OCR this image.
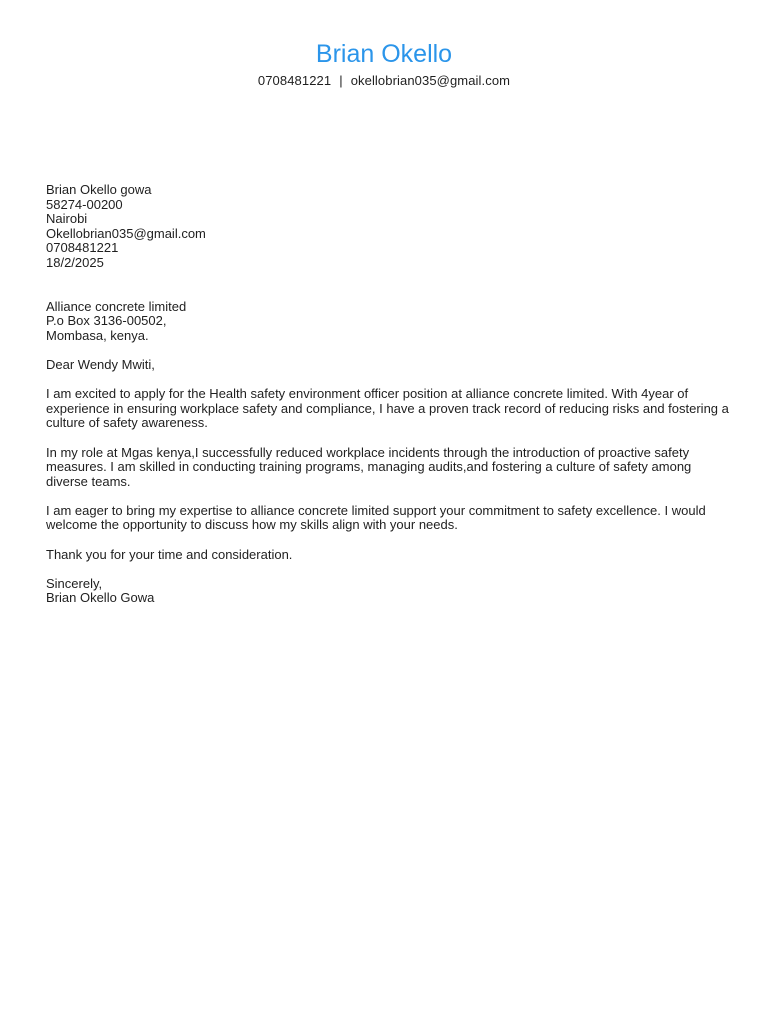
Brian Okello
0708481221 | okellobrian035@gmail.com
Brian Okello gowa
58274-00200
Nairobi
Okellobrian035@gmail.com
0708481221
18/2/2025
Alliance concrete limited
P.o Box 3136-00502,
Mombasa, kenya.

Dear Wendy Mwiti,

I am excited to apply for the Health safety environment officer position at alliance concrete limited. With 4year of experience in ensuring workplace safety and compliance, I have a proven track record of reducing risks and fostering a culture of safety awareness.

In my role at Mgas kenya,I successfully reduced workplace incidents through the introduction of proactive safety measures. I am skilled in conducting training programs, managing audits,and fostering a culture of safety among diverse teams.

I am eager to bring my expertise to alliance concrete limited support your commitment to safety excellence. I would welcome the opportunity to discuss how my skills align with your needs.

Thank you for your time and consideration.

Sincerely,
Brian Okello Gowa
